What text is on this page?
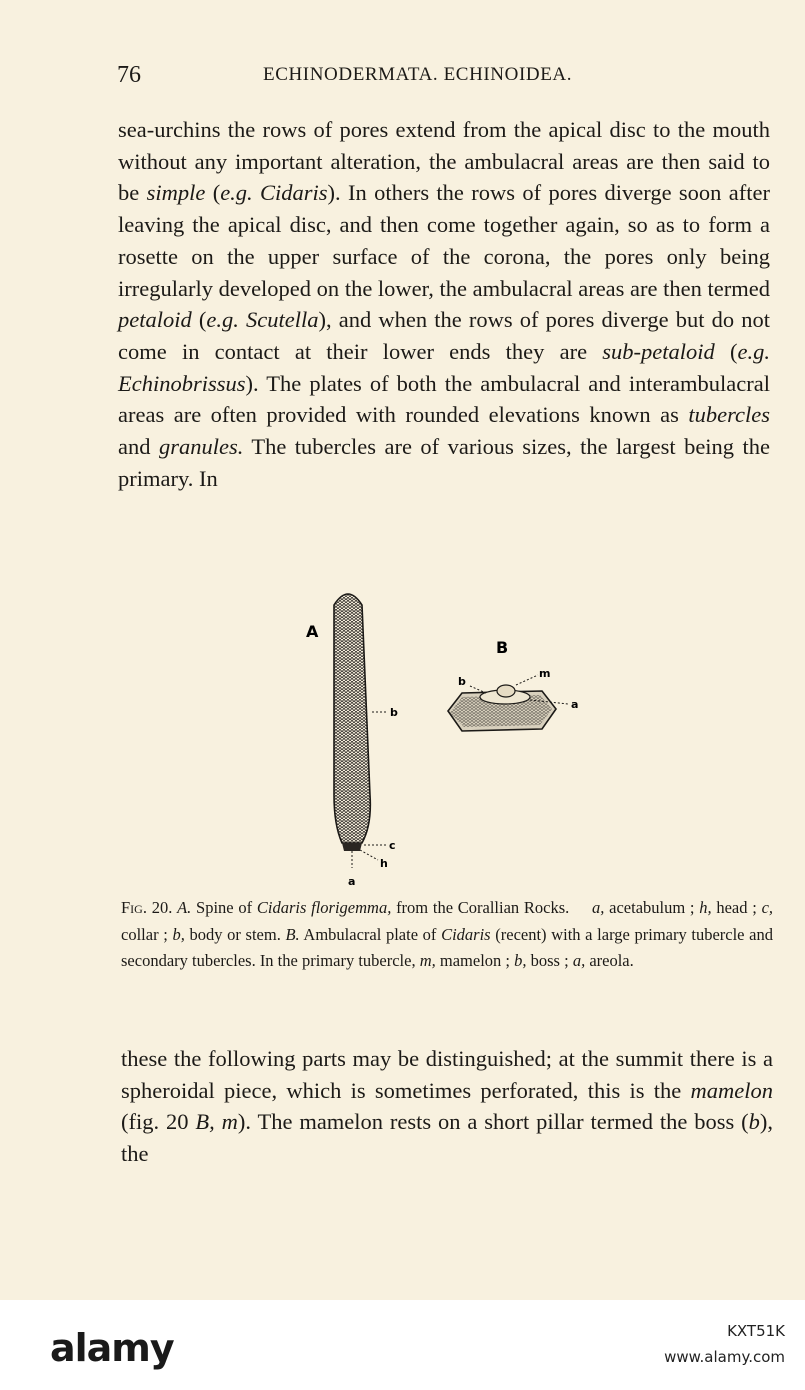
76	ECHINODERMATA. ECHINOIDEA.

sea-urchins the rows of pores extend from the apical disc to the mouth without any important alteration, the ambulacral areas are then said to be simple (e.g. Cidaris). In others the rows of pores diverge soon after leaving the apical disc, and then come together again, so as to form a rosette on the upper surface of the corona, the pores only being irregularly developed on the lower, the ambulacral areas are then termed petaloid (e.g. Scutella), and when the rows of pores diverge but do not come in contact at their lower ends they are sub-petaloid (e.g. Echinobrissus). The plates of both the ambulacral and interambulacral areas are often provided with rounded elevations known as tubercles and granules. The tubercles are of various sizes, the largest being the primary. In

A
b
c
h
a
B
b
m
a
Fig. 20. A. Spine of Cidaris florigemma, from the Corallian Rocks. a, acetabulum ; h, head ; c, collar ; b, body or stem. B. Ambulacral plate of Cidaris (recent) with a large primary tubercle and secondary tubercles. In the primary tubercle, m, mamelon ; b, boss ; a, areola.

these the following parts may be distinguished; at the summit there is a spheroidal piece, which is sometimes perforated, this is the mamelon (fig. 20 B, m). The mamelon rests on a short pillar termed the boss (b), the

alamy	KXT51K
www.alamy.com
